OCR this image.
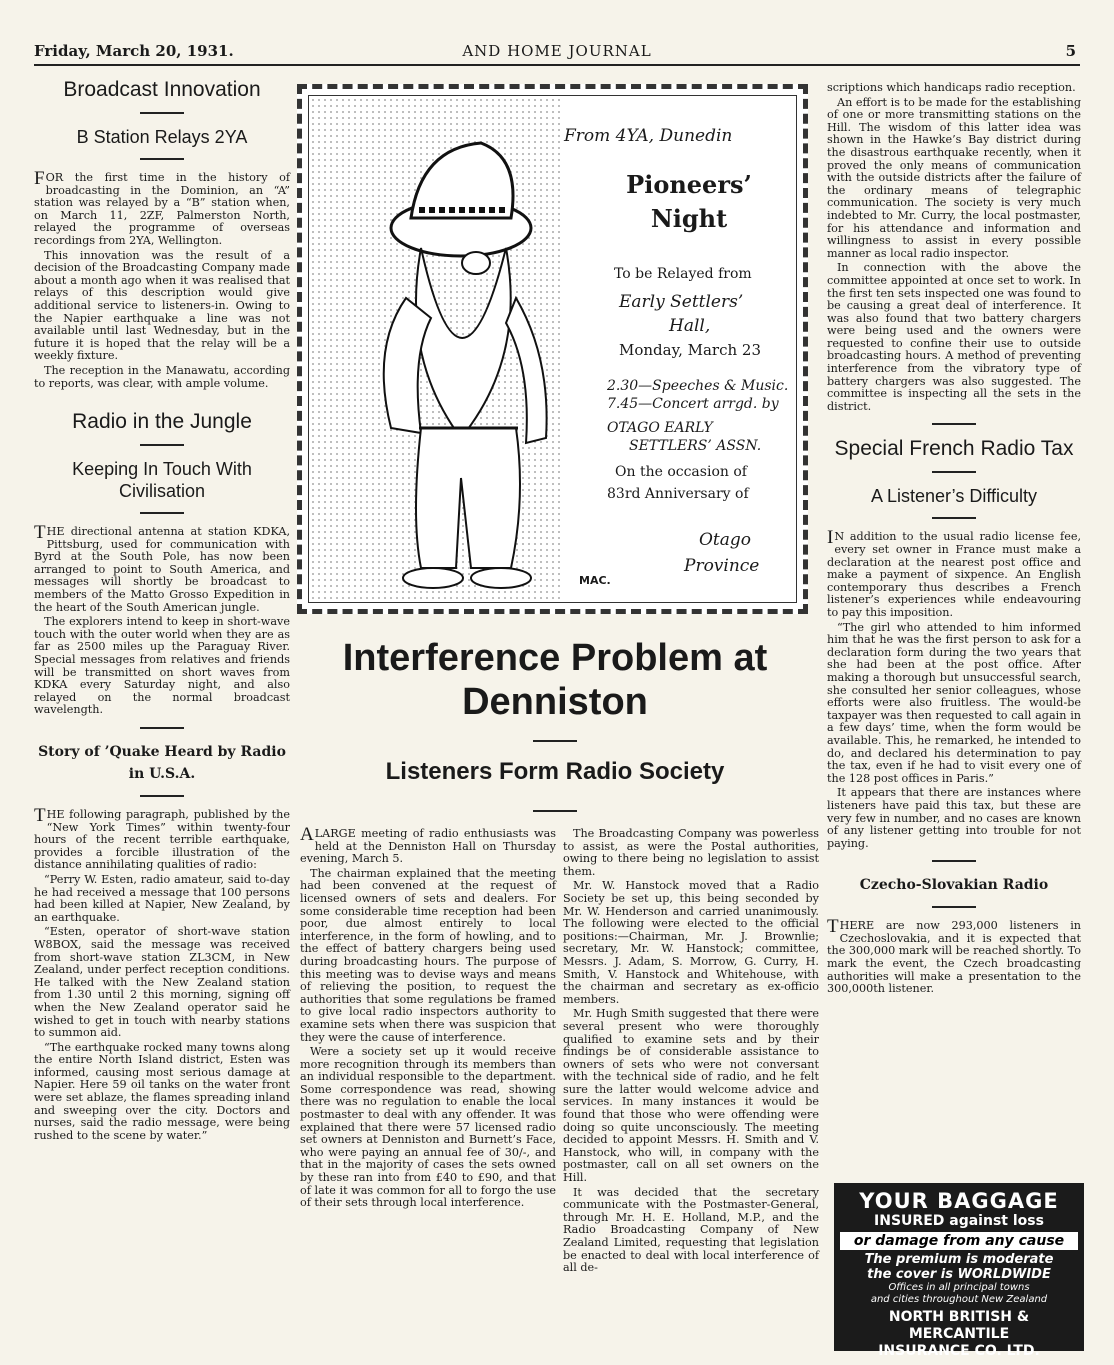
Friday, March 20, 1931.	AND HOME JOURNAL	5
Broadcast Innovation
B Station Relays 2YA

FOR the first time in the history of broadcasting in the Dominion, an “A” station was relayed by a “B” station when, on March 11, 2ZF, Palmerston North, relayed the programme of overseas recordings from 2YA, Wellington.

This innovation was the result of a decision of the Broadcasting Company made about a month ago when it was realised that relays of this description would give additional service to listeners-in. Owing to the Napier earthquake a line was not available until last Wednesday, but in the future it is hoped that the relay will be a weekly fixture.

The reception in the Manawatu, according to reports, was clear, with ample volume.

Radio in the Jungle
Keeping In Touch With Civilisation

THE directional antenna at station KDKA, Pittsburg, used for communication with Byrd at the South Pole, has now been arranged to point to South America, and messages will shortly be broadcast to members of the Matto Grosso Expedition in the heart of the South American jungle.

The explorers intend to keep in short-wave touch with the outer world when they are as far as 2500 miles up the Paraguay River. Special messages from relatives and friends will be transmitted on short waves from KDKA every Saturday night, and also relayed on the normal broadcast wavelength.

Story of ’Quake Heard by Radio in U.S.A.

THE following paragraph, published by the “New York Times” within twenty-four hours of the recent terrible earthquake, provides a forcible illustration of the distance annihilating qualities of radio:

“Perry W. Esten, radio amateur, said to-day he had received a message that 100 persons had been killed at Napier, New Zealand, by an earthquake.

“Esten, operator of short-wave station W8BOX, said the message was received from short-wave station ZL3CM, in New Zealand, under perfect reception conditions. He talked with the New Zealand station from 1.30 until 2 this morning, signing off when the New Zealand operator said he wished to get in touch with nearby stations to summon aid.

“The earthquake rocked many towns along the entire North Island district, Esten was informed, causing most serious damage at Napier. Here 59 oil tanks on the water front were set ablaze, the flames spreading inland and sweeping over the city. Doctors and nurses, said the radio message, were being rushed to the scene by water.”

MAC.
From 4YA, Dunedin
Pioneers’
Night
To be Relayed from
Early Settlers’
Hall,
Monday, March 23
2.30—Speeches & Music.
7.45—Concert arrgd. by
OTAGO EARLY
SETTLERS’ ASSN.
On the occasion of
83rd Anniversary of
Otago
Province
Interference Problem at Denniston
Listeners Form Radio Society

ALARGE meeting of radio enthusiasts was held at the Denniston Hall on Thursday evening, March 5.

The chairman explained that the meeting had been convened at the request of licensed owners of sets and dealers. For some considerable time reception had been poor, due almost entirely to local interference, in the form of howling, and to the effect of battery chargers being used during broadcasting hours. The purpose of this meeting was to devise ways and means of relieving the position, to request the authorities that some regulations be framed to give local radio inspectors authority to examine sets when there was suspicion that they were the cause of interference.

Were a society set up it would receive more recognition through its members than an individual responsible to the department. Some correspondence was read, showing there was no regulation to enable the local postmaster to deal with any offender. It was explained that there were 57 licensed radio set owners at Denniston and Burnett’s Face, who were paying an annual fee of 30/-, and that in the majority of cases the sets owned by these ran into from £40 to £90, and that of late it was common for all to forgo the use of their sets through local interference.

The Broadcasting Company was powerless to assist, as were the Postal authorities, owing to there being no legislation to assist them.

Mr. W. Hanstock moved that a Radio Society be set up, this being seconded by Mr. W. Henderson and carried unanimously. The following were elected to the official positions:—Chairman, Mr. J. Brownlie; secretary, Mr. W. Hanstock; committee, Messrs. J. Adam, S. Morrow, G. Curry, H. Smith, V. Hanstock and Whitehouse, with the chairman and secretary as ex-officio members.

Mr. Hugh Smith suggested that there were several present who were thoroughly qualified to examine sets and by their findings be of considerable assistance to owners of sets who were not conversant with the technical side of radio, and he felt sure the latter would welcome advice and services. In many instances it would be found that those who were offending were doing so quite unconsciously. The meeting decided to appoint Messrs. H. Smith and V. Hanstock, who will, in company with the postmaster, call on all set owners on the Hill.

It was decided that the secretary communicate with the Postmaster-General, through Mr. H. E. Holland, M.P., and the Radio Broadcasting Company of New Zealand Limited, requesting that legislation be enacted to deal with local interference of all de-

scriptions which handicaps radio reception.

An effort is to be made for the establishing of one or more transmitting stations on the Hill. The wisdom of this latter idea was shown in the Hawke’s Bay district during the disastrous earthquake recently, when it proved the only means of communication with the outside districts after the failure of the ordinary means of telegraphic communication. The society is very much indebted to Mr. Curry, the local postmaster, for his attendance and information and willingness to assist in every possible manner as local radio inspector.

In connection with the above the committee appointed at once set to work. In the first ten sets inspected one was found to be causing a great deal of interference. It was also found that two battery chargers were being used and the owners were requested to confine their use to outside broadcasting hours. A method of preventing interference from the vibratory type of battery chargers was also suggested. The committee is inspecting all the sets in the district.

Special French Radio Tax
A Listener’s Difficulty

I N addition to the usual radio license fee, every set owner in France must make a declaration at the nearest post office and make a payment of sixpence. An English contemporary thus describes a French listener’s experiences while endeavouring to pay this imposition.

“The girl who attended to him informed him that he was the first person to ask for a declaration form during the two years that she had been at the post office. After making a thorough but unsuccessful search, she consulted her senior colleagues, whose efforts were also fruitless. The would-be taxpayer was then requested to call again in a few days’ time, when the form would be available. This, he remarked, he intended to do, and declared his determination to pay the tax, even if he had to visit every one of the 128 post offices in Paris.”

It appears that there are instances where listeners have paid this tax, but these are very few in number, and no cases are known of any listener getting into trouble for not paying.

Czecho-Slovakian Radio

THERE are now 293,000 listeners in Czechoslovakia, and it is expected that the 300,000 mark will be reached shortly. To mark the event, the Czech broadcasting authorities will make a presentation to the 300,000th listener.

YOUR BAGGAGE
INSURED against loss
or damage from any cause
The premium is moderate
the cover is WORLDWIDE
Offices in all principal towns
and cities throughout New Zealand
NORTH BRITISH & MERCANTILE
INSURANCE CO. LTD.
